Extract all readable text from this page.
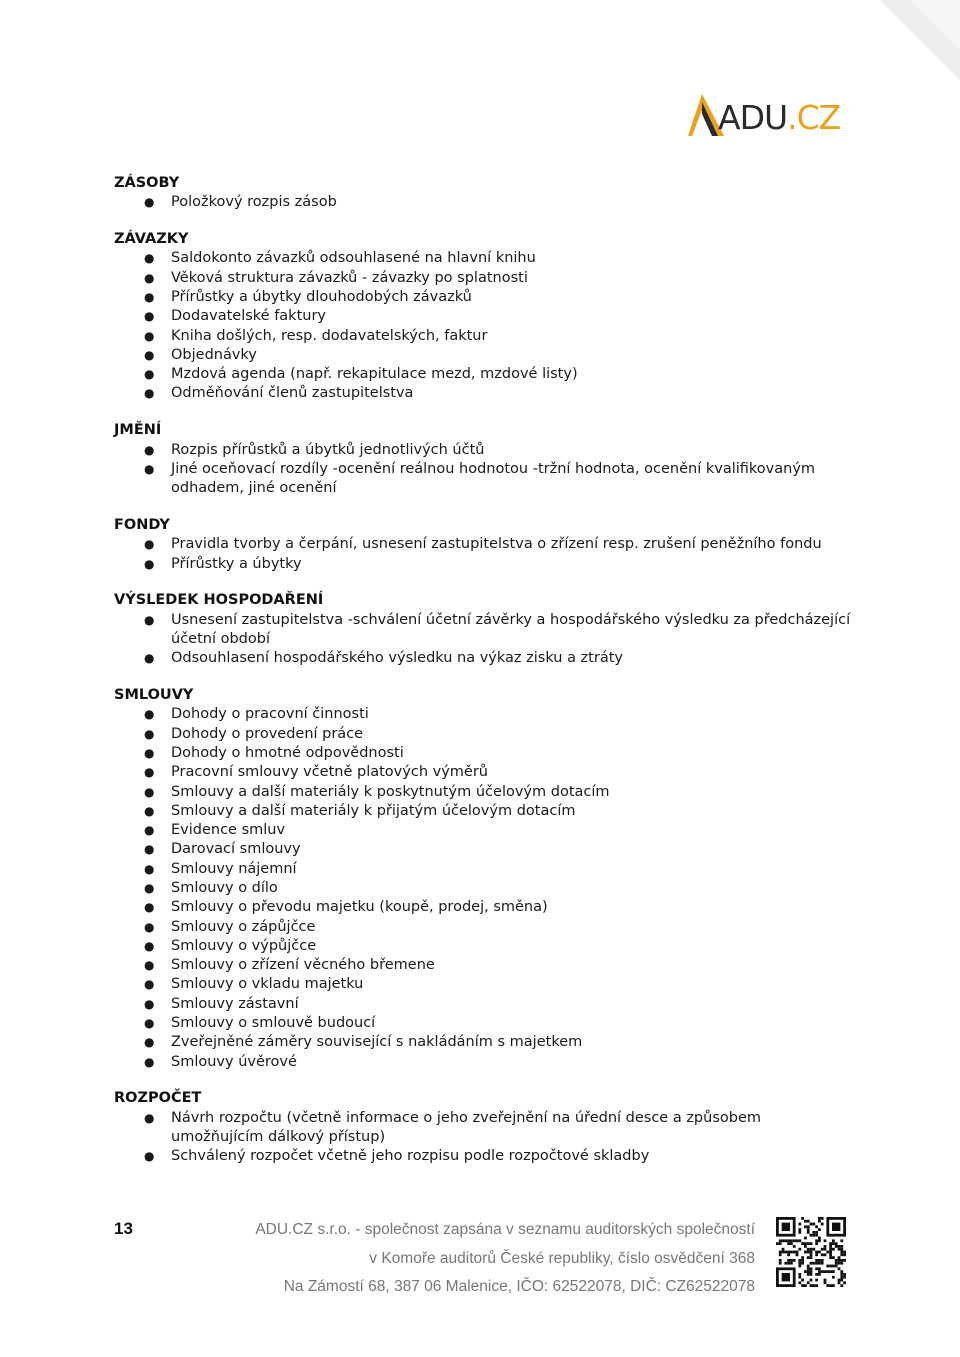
ADU.CZ
ZÁSOBY
● Položkový rozpis zásob
ZÁVAZKY
● Saldokonto závazků odsouhlasené na hlavní knihu
● Věková struktura závazků - závazky po splatnosti
● Přírůstky a úbytky dlouhodobých závazků
● Dodavatelské faktury
● Kniha došlých, resp. dodavatelských, faktur
● Objednávky
● Mzdová agenda (např. rekapitulace mezd, mzdové listy)
● Odměňování členů zastupitelstva
JMĚNÍ
● Rozpis přírůstků a úbytků jednotlivých účtů
● Jiné oceňovací rozdíly -ocenění reálnou hodnotou -tržní hodnota, ocenění kvalifikovaným odhadem, jiné ocenění
FONDY
● Pravidla tvorby a čerpání, usnesení zastupitelstva o zřízení resp. zrušení peněžního fondu
● Přírůstky a úbytky
VÝSLEDEK HOSPODAŘENÍ
● Usnesení zastupitelstva -schválení účetní závěrky a hospodářského výsledku za předcházející účetní období
● Odsouhlasení hospodářského výsledku na výkaz zisku a ztráty
SMLOUVY
● Dohody o pracovní činnosti
● Dohody o provedení práce
● Dohody o hmotné odpovědnosti
● Pracovní smlouvy včetně platových výměrů
● Smlouvy a další materiály k poskytnutým účelovým dotacím
● Smlouvy a další materiály k přijatým účelovým dotacím
● Evidence smluv
● Darovací smlouvy
● Smlouvy nájemní
● Smlouvy o dílo
● Smlouvy o převodu majetku (koupě, prodej, směna)
● Smlouvy o zápůjčce
● Smlouvy o výpůjčce
● Smlouvy o zřízení věcného břemene
● Smlouvy o vkladu majetku
● Smlouvy zástavní
● Smlouvy o smlouvě budoucí
● Zveřejněné záměry související s nakládáním s majetkem
● Smlouvy úvěrové
ROZPOČET
● Návrh rozpočtu (včetně informace o jeho zveřejnění na úřední desce a způsobem umožňujícím dálkový přístup)
● Schválený rozpočet včetně jeho rozpisu podle rozpočtové skladby
13	ADU.CZ s.r.o. - společnost zapsána v seznamu auditorských společností
v Komoře auditorů České republiky, číslo osvědčení 368
Na Zámostí 68, 387 06 Malenice, IČO: 62522078, DIČ: CZ62522078
